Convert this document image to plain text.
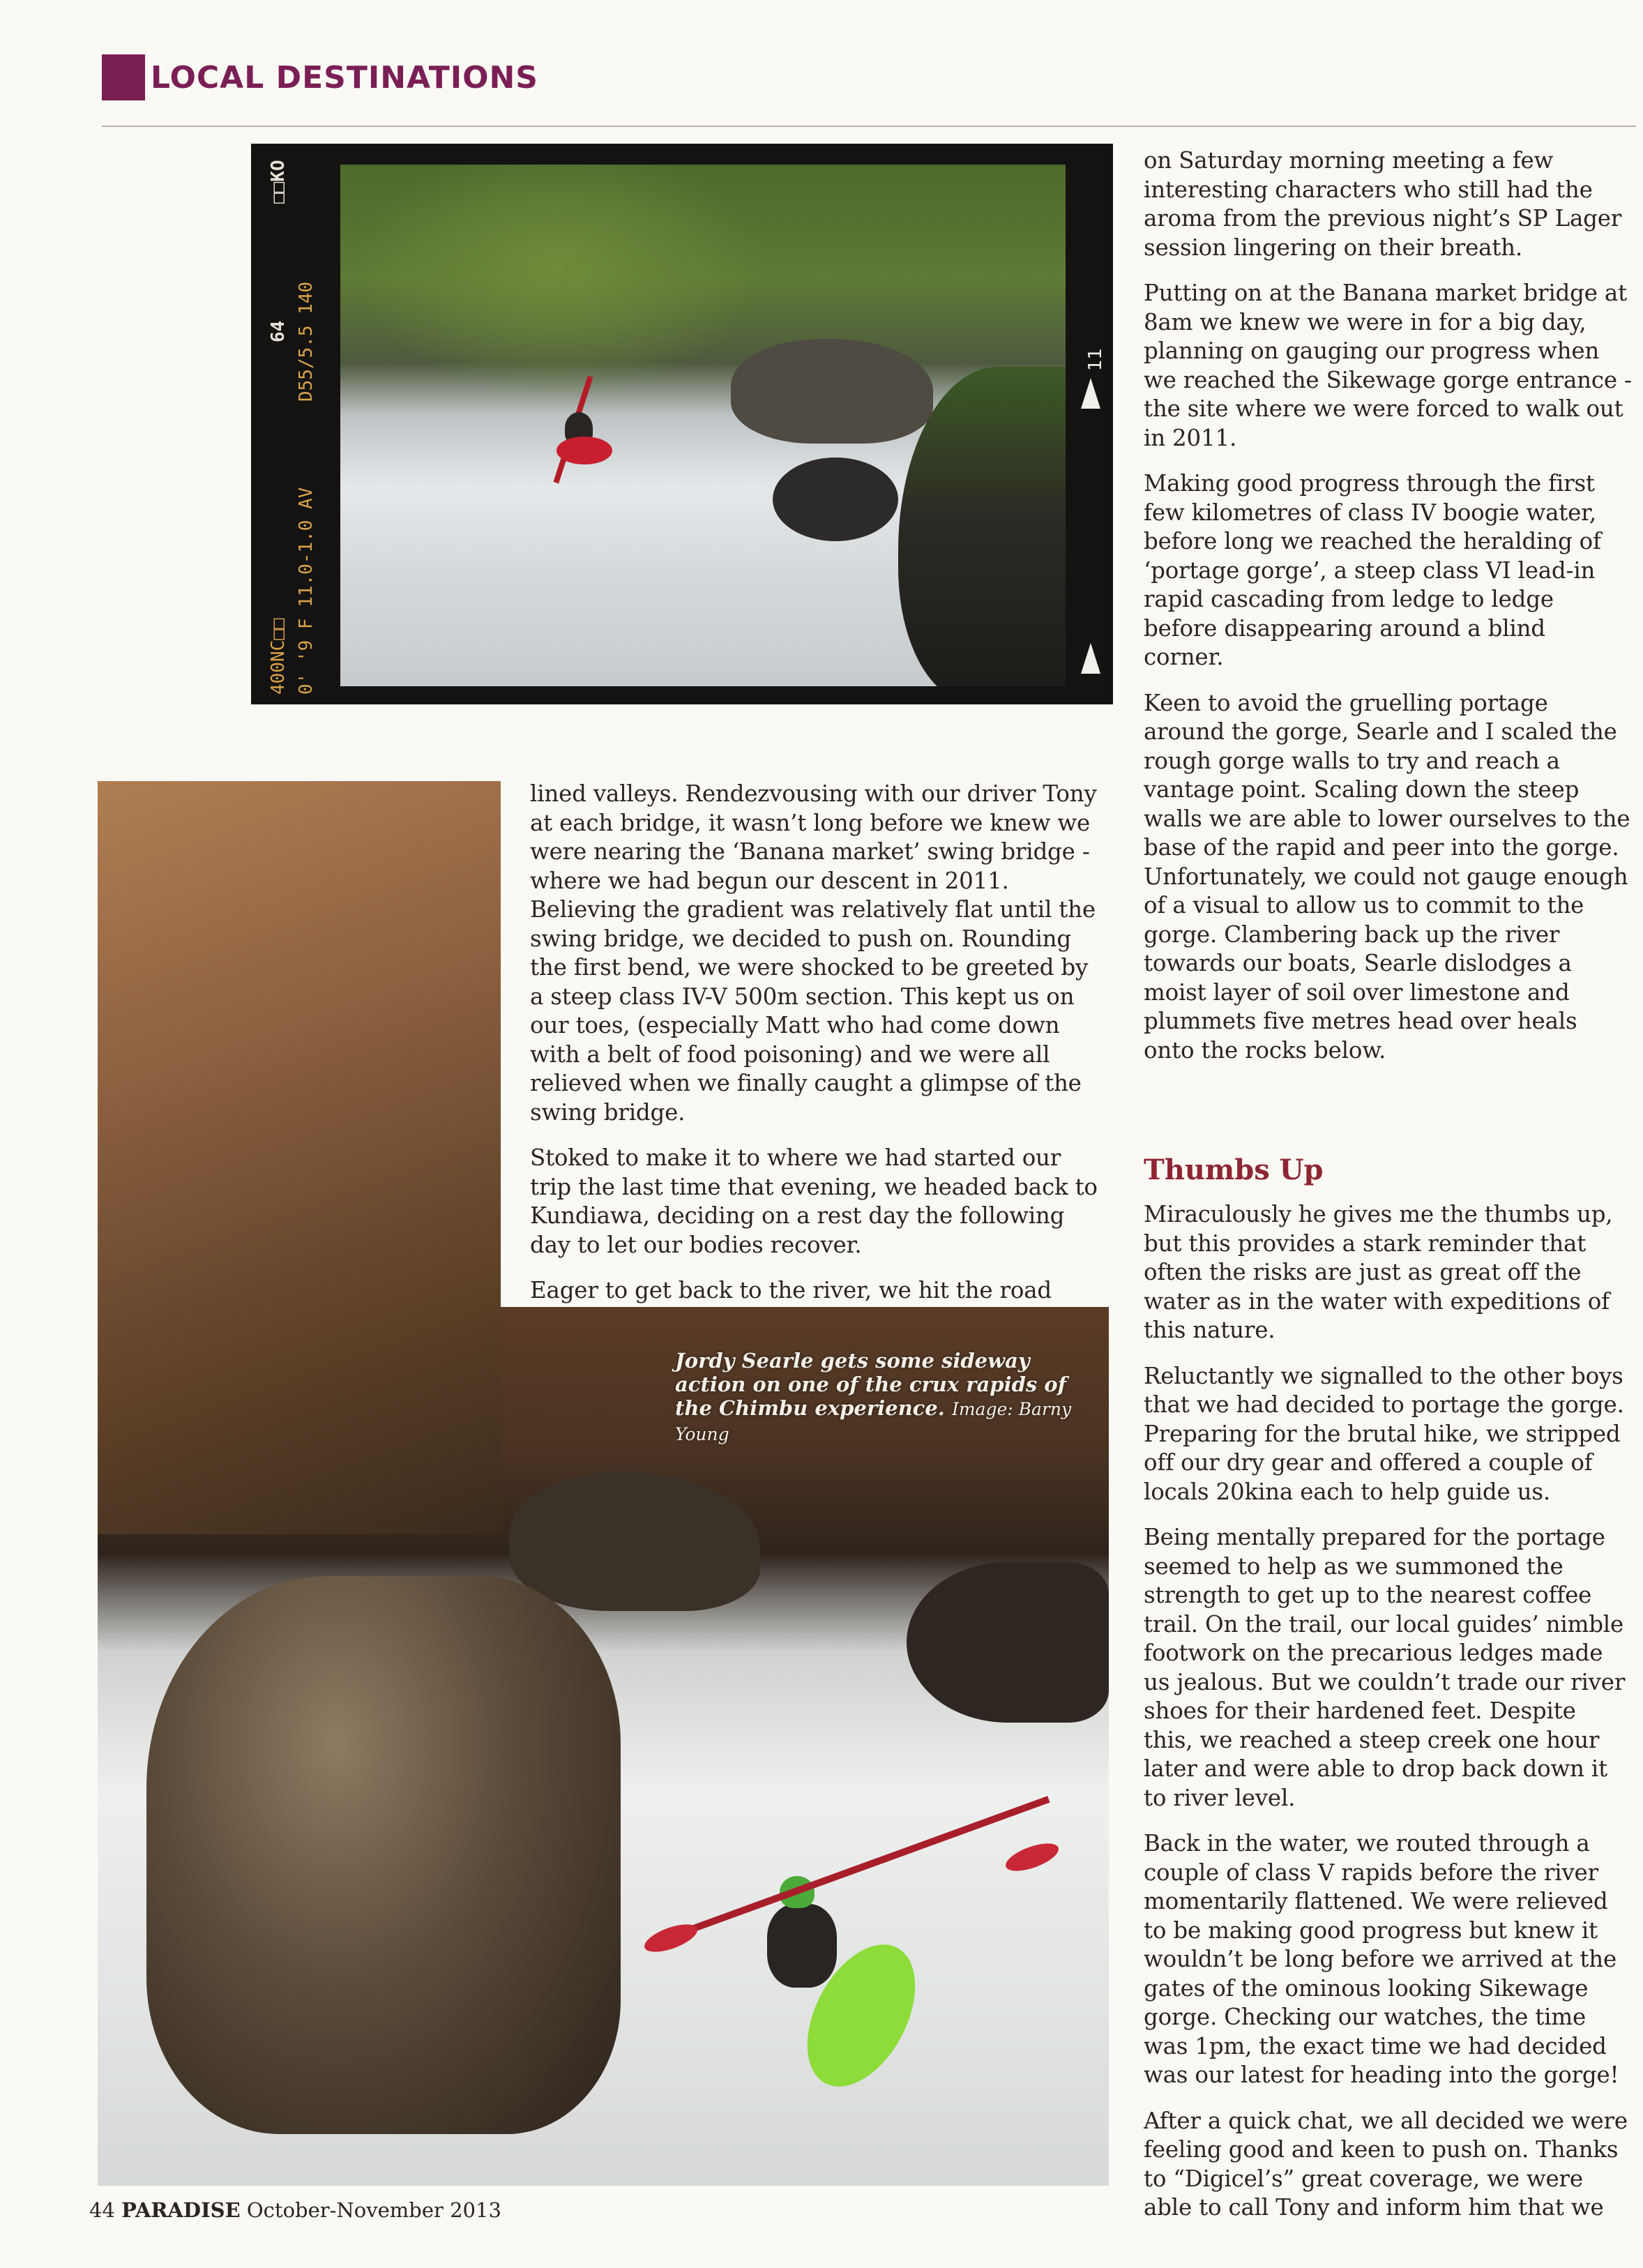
LOCAL DESTINATIONS
400NC□□ 0' '9 F 11.0-1.0 AV
64 D55/5.5 140
□□KO
11
Jordy Searle gets some sideway action on one of the crux rapids of the Chimbu experience. Image: Barny Young

lined valleys. Rendezvousing with our driver Tony at each bridge, it wasn’t long before we knew we were nearing the ‘Banana market’ swing bridge - where we had begun our descent in 2011. Believing the gradient was relatively flat until the swing bridge, we decided to push on. Rounding the first bend, we were shocked to be greeted by a steep class IV-V 500m section. This kept us on our toes, (especially Matt who had come down with a belt of food poisoning) and we were all relieved when we finally caught a glimpse of the swing bridge.

Stoked to make it to where we had started our trip the last time that evening, we headed back to Kundiawa, deciding on a rest day the following day to let our bodies recover.

Eager to get back to the river, we hit the road

on Saturday morning meeting a few interesting characters who still had the aroma from the previous night’s SP Lager session lingering on their breath.

Putting on at the Banana market bridge at 8am we knew we were in for a big day, planning on gauging our progress when we reached the Sikewage gorge entrance - the site where we were forced to walk out in 2011.

Making good progress through the first few kilometres of class IV boogie water, before long we reached the heralding of ‘portage gorge’, a steep class VI lead-in rapid cascading from ledge to ledge before disappearing around a blind corner.

Keen to avoid the gruelling portage around the gorge, Searle and I scaled the rough gorge walls to try and reach a vantage point. Scaling down the steep walls we are able to lower ourselves to the base of the rapid and peer into the gorge. Unfortunately, we could not gauge enough of a visual to allow us to commit to the gorge. Clambering back up the river towards our boats, Searle dislodges a moist layer of soil over limestone and plummets five metres head over heals onto the rocks below.

Thumbs Up

Miraculously he gives me the thumbs up, but this provides a stark reminder that often the risks are just as great off the water as in the water with expeditions of this nature.

Reluctantly we signalled to the other boys that we had decided to portage the gorge. Preparing for the brutal hike, we stripped off our dry gear and offered a couple of locals 20kina each to help guide us.

Being mentally prepared for the portage seemed to help as we summoned the strength to get up to the nearest coffee trail. On the trail, our local guides’ nimble footwork on the precarious ledges made us jealous. But we couldn’t trade our river shoes for their hardened feet. Despite this, we reached a steep creek one hour later and were able to drop back down it to river level.

Back in the water, we routed through a couple of class V rapids before the river momentarily flattened. We were relieved to be making good progress but knew it wouldn’t be long before we arrived at the gates of the ominous looking Sikewage gorge. Checking our watches, the time was 1pm, the exact time we had decided was our latest for heading into the gorge!

After a quick chat, we all decided we were feeling good and keen to push on. Thanks to “Digicel’s” great coverage, we were able to call Tony and inform him that we

44 PARADISE October-November 2013
